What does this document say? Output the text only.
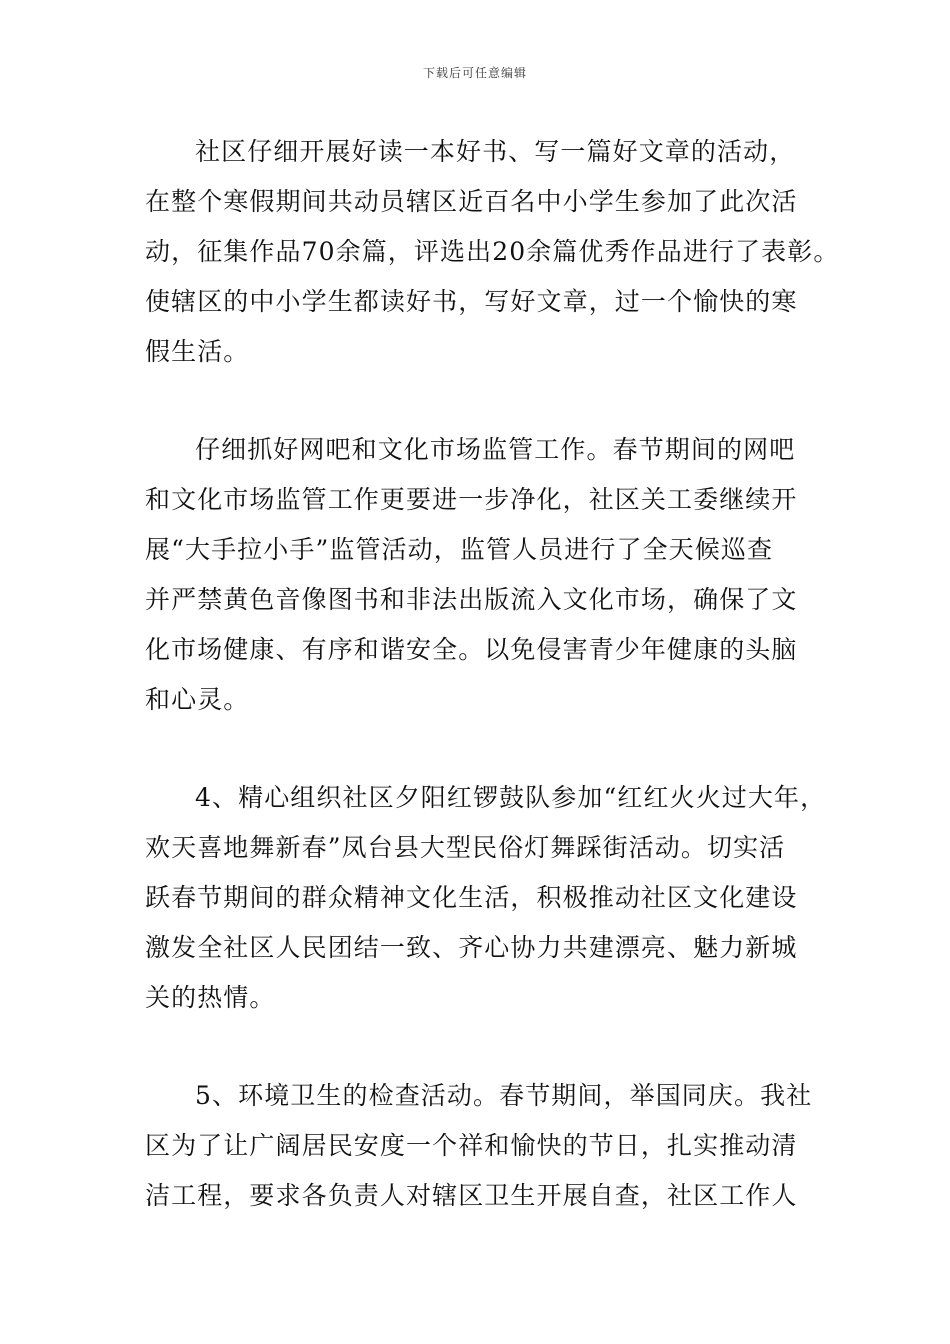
下载后可任意编辑
社区仔细开展好读一本好书、写一篇好文章的活动，
在整个寒假期间共动员辖区近百名中小学生参加了此次活
动，征集作品70余篇，评选出20余篇优秀作品进行了表彰。
使辖区的中小学生都读好书，写好文章，过一个愉快的寒
假生活。
仔细抓好网吧和文化市场监管工作。春节期间的网吧
和文化市场监管工作更要进一步净化，社区关工委继续开
展“大手拉小手”监管活动，监管人员进行了全天候巡查
并严禁黄色音像图书和非法出版流入文化市场，确保了文
化市场健康、有序和谐安全。以免侵害青少年健康的头脑
和心灵。
4、精心组织社区夕阳红锣鼓队参加“红红火火过大年，
欢天喜地舞新春”凤台县大型民俗灯舞踩街活动。切实活
跃春节期间的群众精神文化生活，积极推动社区文化建设
激发全社区人民团结一致、齐心协力共建漂亮、魅力新城
关的热情。
5、环境卫生的检查活动。春节期间，举国同庆。我社
区为了让广阔居民安度一个祥和愉快的节日，扎实推动清
洁工程，要求各负责人对辖区卫生开展自查，社区工作人
